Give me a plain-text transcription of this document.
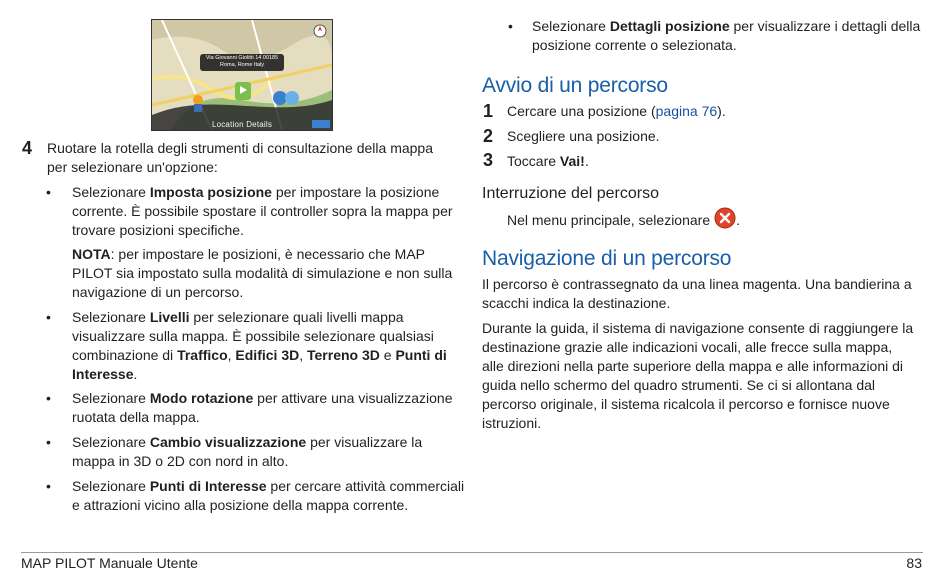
Via Giovanni Giolitti 14 00185
Roma, Rome Italy
Location Details
4 Ruotare la rotella degli strumenti di consultazione della mappa per selezionare un'opzione:

• Selezionare Imposta posizione per impostare la posizione corrente. È possibile spostare il controller sopra la mappa per trovare posizioni specifiche.

NOTA: per impostare le posizioni, è necessario che MAP PILOT sia impostato sulla modalità di simulazione e non sulla navigazione di un percorso.

• Selezionare Livelli per selezionare quali livelli mappa visualizzare sulla mappa. È possibile selezionare qualsiasi combinazione di Traffico, Edifici 3D, Terreno 3D e Punti di Interesse.

• Selezionare Modo rotazione per attivare una visualizzazione ruotata della mappa.

• Selezionare Cambio visualizzazione per visualizzare la mappa in 3D o 2D con nord in alto.

• Selezionare Punti di Interesse per cercare attività commerciali e attrazioni vicino alla posizione della mappa corrente.

• Selezionare Dettagli posizione per visualizzare i dettagli della posizione corrente o selezionata.

Avvio di un percorso
1 Cercare una posizione (pagina 76).

2 Scegliere una posizione.

3 Toccare Vai!.

Interruzione del percorso

Nel menu principale, selezionare .

Navigazione di un percorso

Il percorso è contrassegnato da una linea magenta. Una bandierina a scacchi indica la destinazione.

Durante la guida, il sistema di navigazione consente di raggiungere la destinazione grazie alle indicazioni vocali, alle frecce sulla mappa, alle direzioni nella parte superiore della mappa e alle informazioni di guida nello schermo del quadro strumenti. Se ci si allontana dal percorso originale, il sistema ricalcola il percorso e fornisce nuove istruzioni.

MAP PILOT Manuale Utente	83
